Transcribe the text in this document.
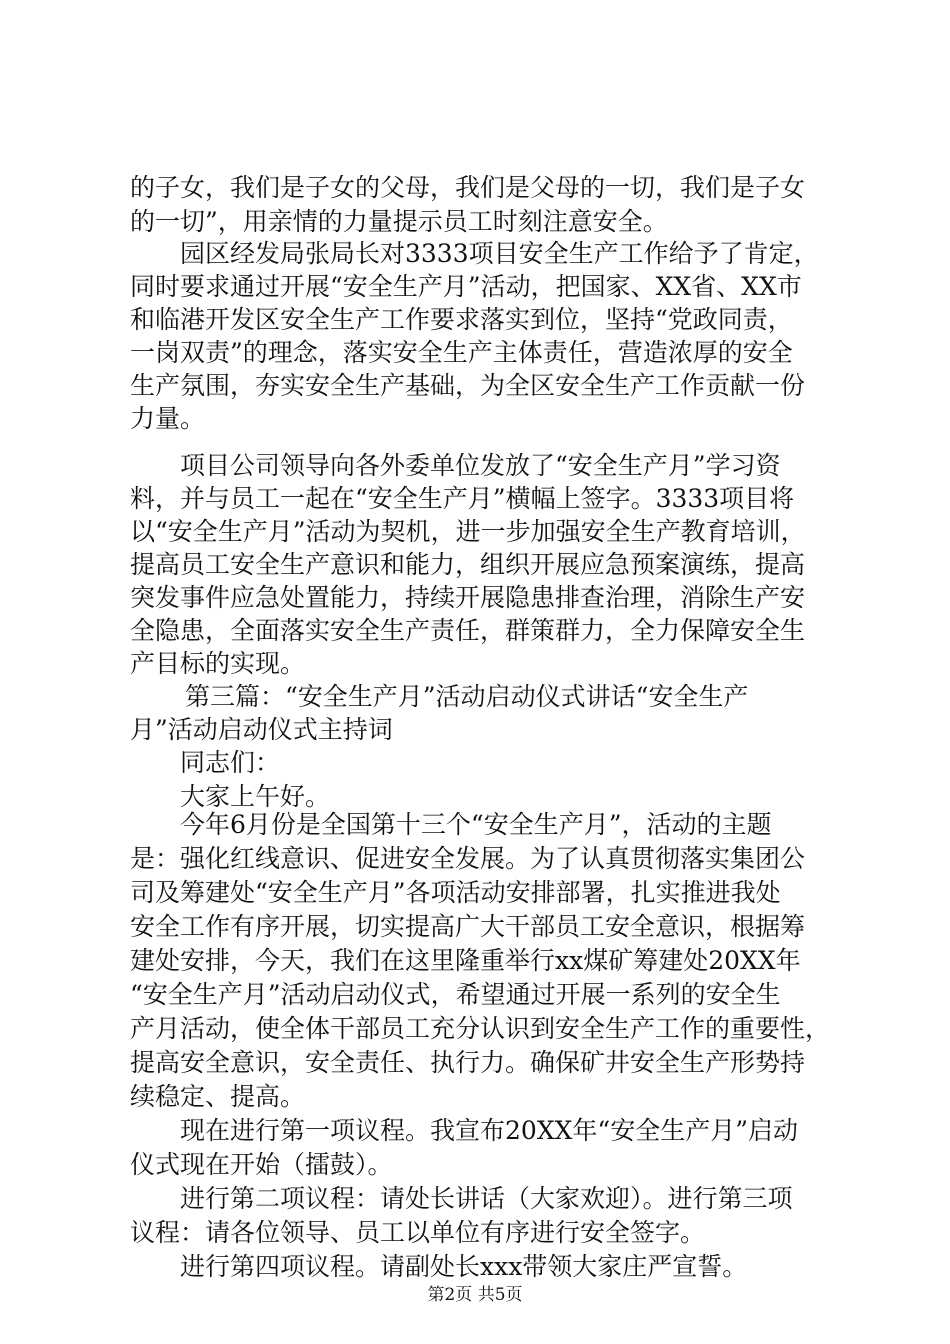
的子女，我们是子女的父母，我们是父母的一切，我们是子女
的一切”，用亲情的力量提示员工时刻注意安全。
园区经发局张局长对3333项目安全生产工作给予了肯定，
同时要求通过开展“安全生产月”活动，把国家、XX省、XX市
和临港开发区安全生产工作要求落实到位，坚持“党政同责，
一岗双责”的理念，落实安全生产主体责任，营造浓厚的安全
生产氛围，夯实安全生产基础，为全区安全生产工作贡献一份
力量。
项目公司领导向各外委单位发放了“安全生产月”学习资
料，并与员工一起在“安全生产月”横幅上签字。3333项目将
以“安全生产月”活动为契机，进一步加强安全生产教育培训，
提高员工安全生产意识和能力，组织开展应急预案演练，提高
突发事件应急处置能力，持续开展隐患排查治理，消除生产安
全隐患，全面落实安全生产责任，群策群力，全力保障安全生
产目标的实现。
第三篇：“安全生产月”活动启动仪式讲话“安全生产
月”活动启动仪式主持词
同志们：
大家上午好。
今年6月份是全国第十三个“安全生产月”，活动的主题
是：强化红线意识、促进安全发展。为了认真贯彻落实集团公
司及筹建处“安全生产月”各项活动安排部署，扎实推进我处
安全工作有序开展，切实提高广大干部员工安全意识，根据筹
建处安排，今天，我们在这里隆重举行xx煤矿筹建处20XX年
“安全生产月”活动启动仪式，希望通过开展一系列的安全生
产月活动，使全体干部员工充分认识到安全生产工作的重要性，
提高安全意识，安全责任、执行力。确保矿井安全生产形势持
续稳定、提高。
现在进行第一项议程。我宣布20XX年“安全生产月”启动
仪式现在开始（擂鼓）。
进行第二项议程：请处长讲话（大家欢迎）。进行第三项
议程：请各位领导、员工以单位有序进行安全签字。
进行第四项议程。请副处长xxx带领大家庄严宣誓。
第2页 共5页
